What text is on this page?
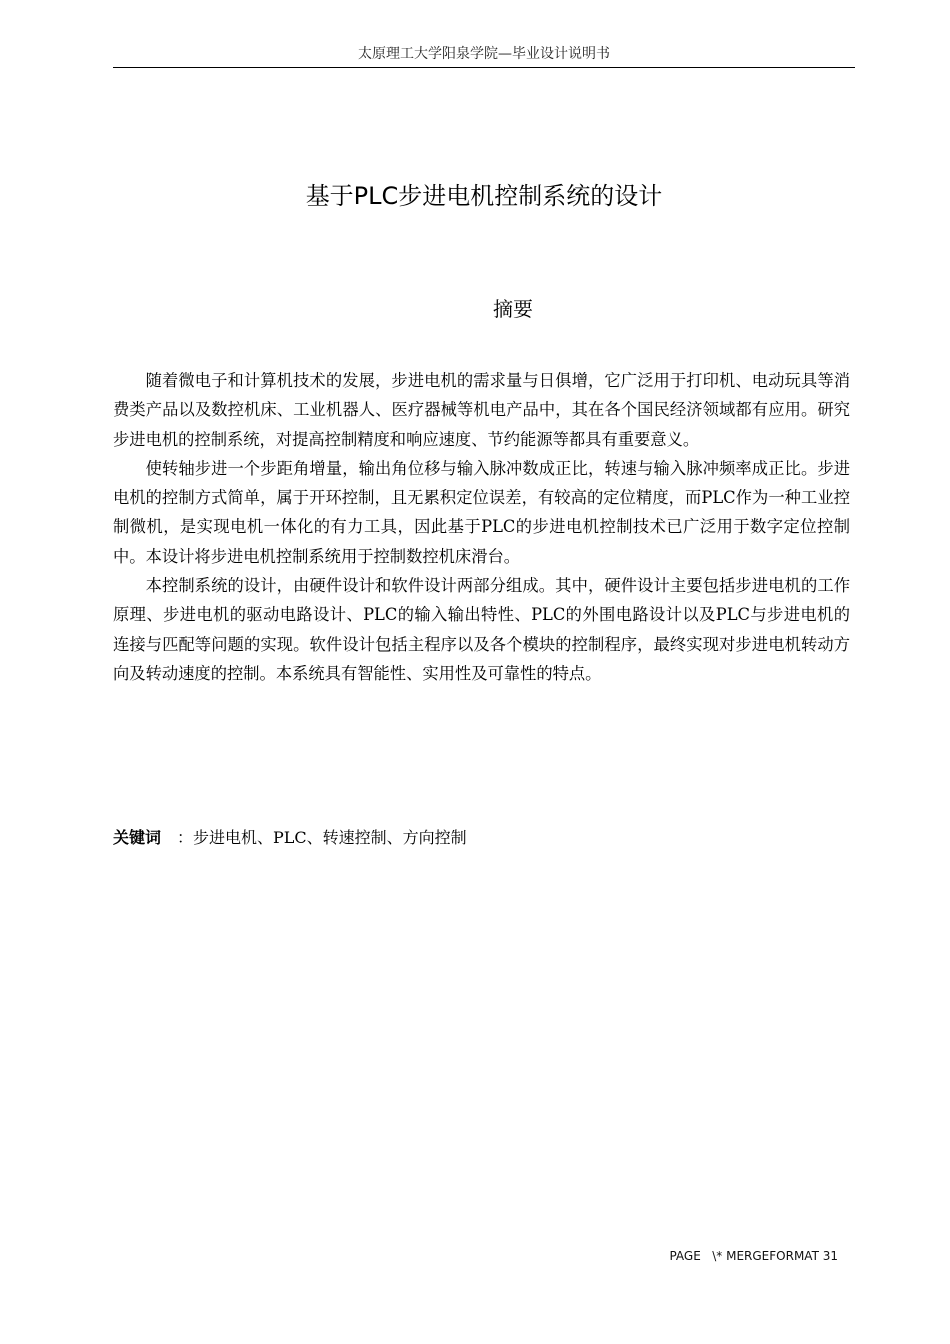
太原理工大学阳泉学院—毕业设计说明书
基于PLC步进电机控制系统的设计
摘要

随着微电子和计算机技术的发展，步进电机的需求量与日俱增，它广泛用于打印机、电动玩具等消费类产品以及数控机床、工业机器人、医疗器械等机电产品中，其在各个国民经济领域都有应用。研究步进电机的控制系统，对提高控制精度和响应速度、节约能源等都具有重要意义。

使转轴步进一个步距角增量，输出角位移与输入脉冲数成正比，转速与输入脉冲频率成正比。步进电机的控制方式简单，属于开环控制，且无累积定位误差，有较高的定位精度，而PLC作为一种工业控制微机，是实现电机一体化的有力工具，因此基于PLC的步进电机控制技术已广泛用于数字定位控制中。本设计将步进电机控制系统用于控制数控机床滑台。

本控制系统的设计，由硬件设计和软件设计两部分组成。其中，硬件设计主要包括步进电机的工作原理、步进电机的驱动电路设计、PLC的输入输出特性、PLC的外围电路设计以及PLC与步进电机的连接与匹配等问题的实现。软件设计包括主程序以及各个模块的控制程序，最终实现对步进电机转动方向及转动速度的控制。本系统具有智能性、实用性及可靠性的特点。

关键词 ：步进电机、PLC、转速控制、方向控制
PAGE   \* MERGEFORMAT 31
